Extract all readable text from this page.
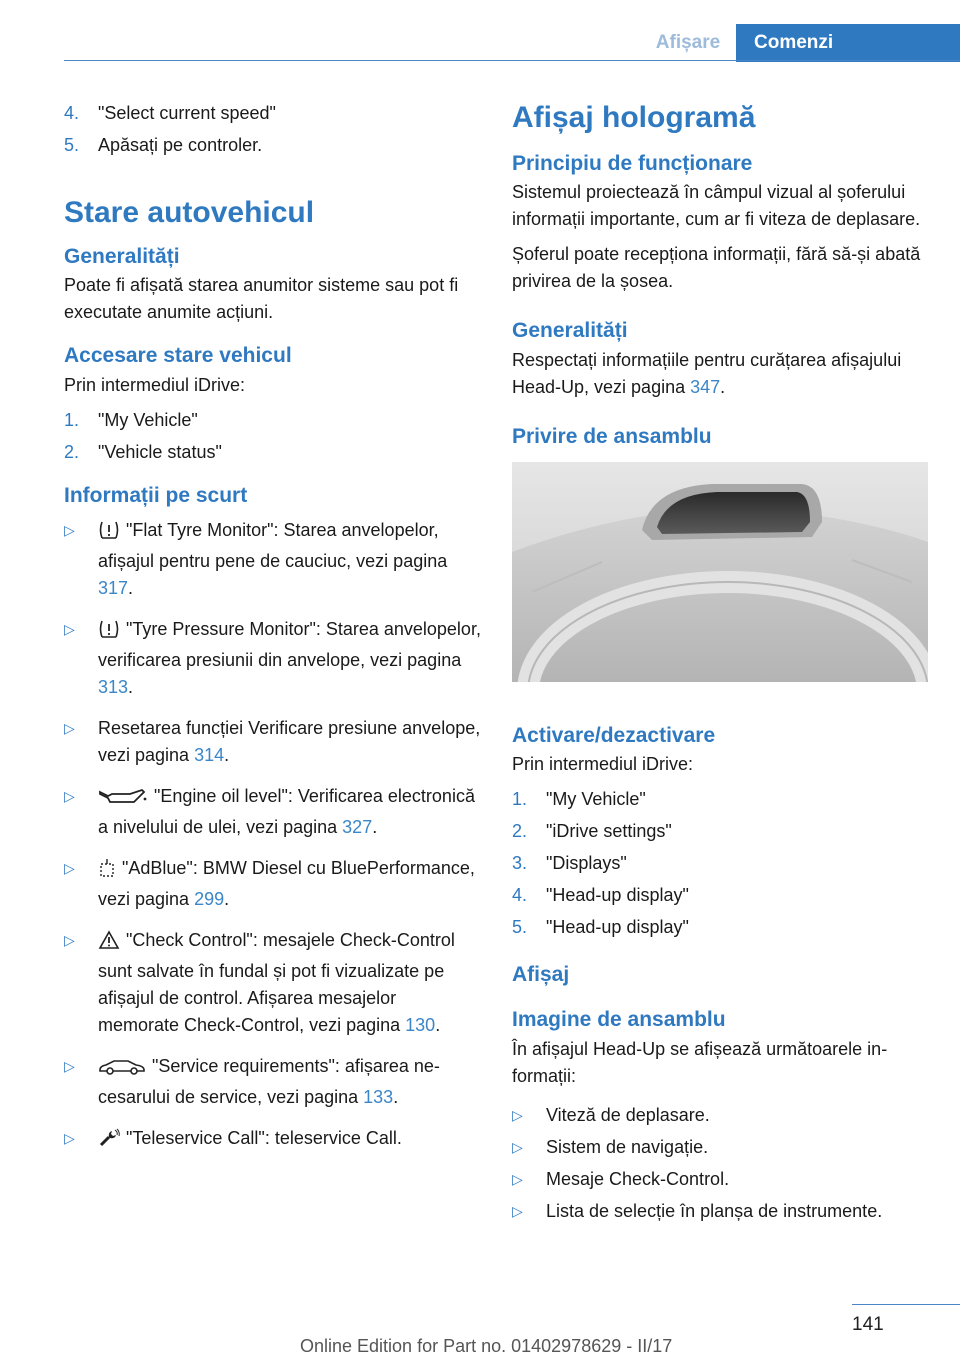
Afișare	Comenzi
4. "Select current speed"
5. Apăsați pe controler.
Stare autovehicul
Generalități
Poate fi afișată starea anumitor sisteme sau pot fi executate anumite acțiuni.
Accesare stare vehicul
Prin intermediul iDrive:
1. "My Vehicle"
2. "Vehicle status"
Informații pe scurt
▷	"Flat Tyre Monitor": Starea anvelopelor, afișajul pentru pene de cauciuc, vezi pagina 317.
▷	"Tyre Pressure Monitor": Starea anvelopelor, verificarea presiunii din anvelope, vezi pagina 313.
▷ Resetarea funcției Verificare presiune anvelope, vezi pagina 314.
▷	"Engine oil level": Verificarea electronică a nivelului de ulei, vezi pagina 327.
▷	"AdBlue": BMW Diesel cu BluePerformance, vezi pagina 299.
▷	"Check Control": mesajele Check-Control sunt salvate în fundal și pot fi vizualizate pe afișajul de control. Afișarea mesajelor memorate Check-Control, vezi pagina 130.
▷	"Service requirements": afișarea necesarului de service, vezi pagina 133.
▷	"Teleservice Call": teleservice Call.
Afișaj hologramă
Principiu de funcționare
Sistemul proiectează în câmpul vizual al șoferului informații importante, cum ar fi viteza de deplasare.
Șoferul poate recepționa informații, fără să-și abată privirea de la șosea.
Generalități
Respectați informațiile pentru curățarea afișajului Head-Up, vezi pagina 347.
Privire de ansamblu
Activare/dezactivare
Prin intermediul iDrive:
1. "My Vehicle"
2. "iDrive settings"
3. "Displays"
4. "Head-up display"
5. "Head-up display"
Afișaj
Imagine de ansamblu
În afișajul Head-Up se afișează următoarele informații:
▷ Viteză de deplasare.
▷ Sistem de navigație.
▷ Mesaje Check-Control.
▷ Lista de selecție în planșa de instrumente.
141
Online Edition for Part no. 01402978629 - II/17
